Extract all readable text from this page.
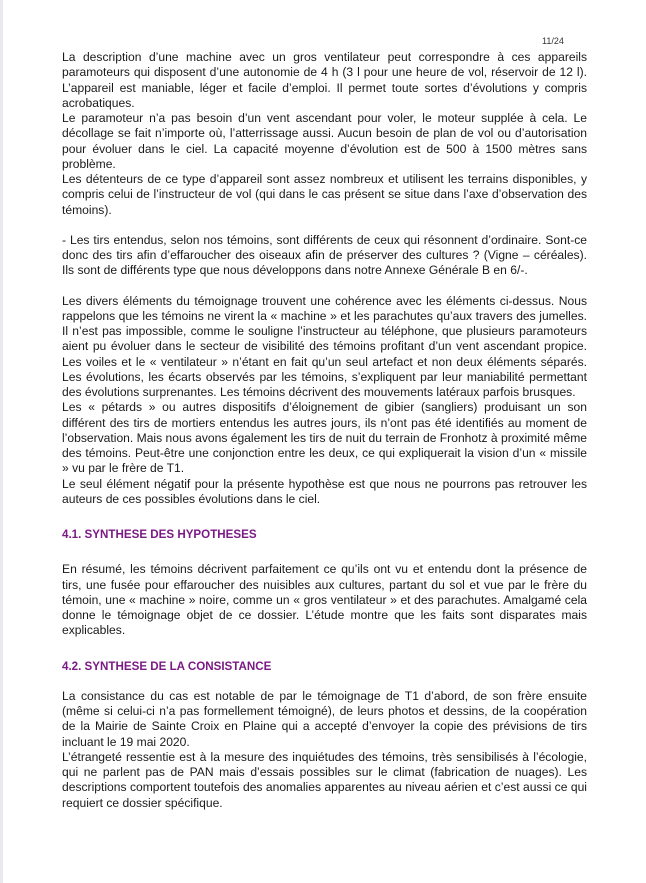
11/24

La description d’une machine avec un gros ventilateur peut correspondre à ces appareils paramoteurs qui disposent d’une autonomie de 4 h (3 l pour une heure de vol, réservoir de 12 l). L’appareil est maniable, léger et facile d’emploi. Il permet toute sortes d’évolutions y compris acrobatiques.

Le paramoteur n’a pas besoin d’un vent ascendant pour voler, le moteur supplée à cela. Le décollage se fait n’importe où, l’atterrissage aussi. Aucun besoin de plan de vol ou d’autorisation pour évoluer dans le ciel. La capacité moyenne d’évolution est de 500 à 1500 mètres sans problème.

Les détenteurs de ce type d’appareil sont assez nombreux et utilisent les terrains disponibles, y compris celui de l’instructeur de vol (qui dans le cas présent se situe dans l’axe d’observation des témoins).

- Les tirs entendus, selon nos témoins, sont différents de ceux qui résonnent d’ordinaire. Sont-ce donc des tirs afin d’effaroucher des oiseaux afin de préserver des cultures ? (Vigne – céréales). Ils sont de différents type que nous développons dans notre Annexe Générale B en 6/-.

Les divers éléments du témoignage trouvent une cohérence avec les éléments ci-dessus. Nous rappelons que les témoins ne virent la « machine » et les parachutes qu’aux travers des jumelles. Il n’est pas impossible, comme le souligne l’instructeur au téléphone, que plusieurs paramoteurs aient pu évoluer dans le secteur de visibilité des témoins profitant d’un vent ascendant propice. Les voiles et le « ventilateur » n’étant en fait qu’un seul artefact et non deux éléments séparés. Les évolutions, les écarts observés par les témoins, s’expliquent par leur maniabilité permettant des évolutions surprenantes. Les témoins décrivent des mouvements latéraux parfois brusques.

Les « pétards » ou autres dispositifs d’éloignement de gibier (sangliers) produisant un son différent des tirs de mortiers entendus les autres jours, ils n’ont pas été identifiés au moment de l’observation. Mais nous avons également les tirs de nuit du terrain de Fronhotz à proximité même des témoins. Peut-être une conjonction entre les deux, ce qui expliquerait la vision d’un « missile » vu par le frère de T1.

Le seul élément négatif pour la présente hypothèse est que nous ne pourrons pas retrouver les auteurs de ces possibles évolutions dans le ciel.

4.1. SYNTHESE DES HYPOTHESES

En résumé, les témoins décrivent parfaitement ce qu’ils ont vu et entendu dont la présence de tirs, une fusée pour effaroucher des nuisibles aux cultures, partant du sol et vue par le frère du témoin, une « machine » noire, comme un « gros ventilateur » et des parachutes. Amalgamé cela donne le témoignage objet de ce dossier. L’étude montre que les faits sont disparates mais explicables.

4.2. SYNTHESE DE LA CONSISTANCE

La consistance du cas est notable de par le témoignage de T1 d’abord, de son frère ensuite (même si celui-ci n’a pas formellement témoigné), de leurs photos et dessins, de la coopération de la Mairie de Sainte Croix en Plaine qui a accepté d’envoyer la copie des prévisions de tirs incluant le 19 mai 2020.

L’étrangeté ressentie est à la mesure des inquiétudes des témoins, très sensibilisés à l’écologie, qui ne parlent pas de PAN mais d’essais possibles sur le climat (fabrication de nuages). Les descriptions comportent toutefois des anomalies apparentes au niveau aérien et c’est aussi ce qui requiert ce dossier spécifique.
